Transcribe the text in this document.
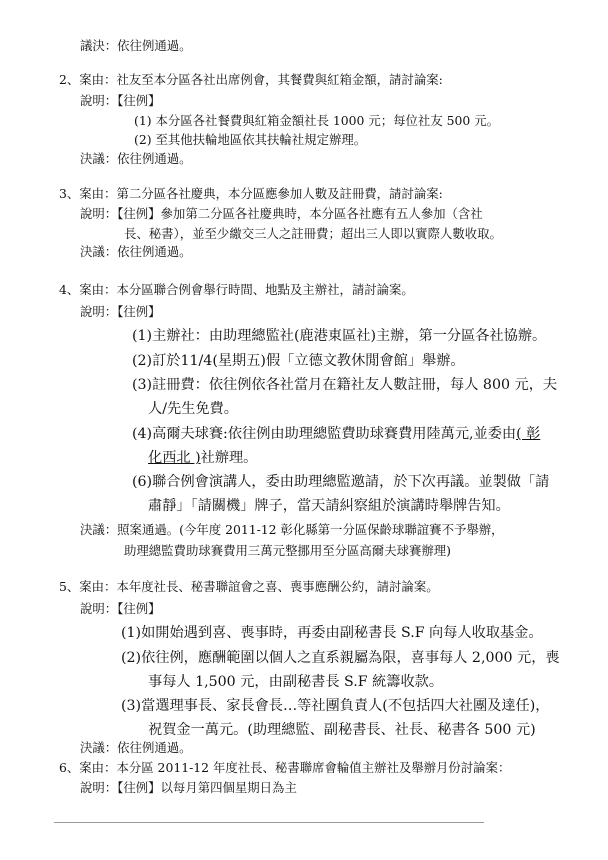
議決：依往例通過。
2、案由：社友至本分區各社出席例會，其餐費與紅箱金額，請討論案:
說明：【往例】
(1) 本分區各社餐費與紅箱金額社長 1000 元；每位社友 500 元。
(2) 至其他扶輪地區依其扶輪社規定辦理。
決議：依往例通過。
3、案由：第二分區各社慶典，本分區應參加人數及註冊費，請討論案:
說明：【往例】參加第二分區各社慶典時，本分區各社應有五人參加（含社
長、秘書），並至少繳交三人之註冊費；超出三人即以實際人數收取。
決議：依往例通過。
4、案由：本分區聯合例會舉行時間、地點及主辦社，請討論案。
說明：【往例】
(1)主辦社：由助理總監社(鹿港東區社)主辦，第一分區各社協辦。
(2)訂於11/4(星期五)假「立德文教休閒會館」舉辦。
(3)註冊費：依往例依各社當月在籍社友人數註冊，每人 800 元，夫
人/先生免費。
(4)高爾夫球賽:依往例由助理總監費助球賽費用陸萬元,並委由( 彰
化西北 )社辦理。
(6)聯合例會演講人，委由助理總監邀請，於下次再議。並製做「請
肅靜」「請關機」牌子，當天請糾察組於演講時舉牌告知。
決議：照案通過。(今年度 2011-12 彰化縣第一分區保齡球聯誼賽不予舉辦，
助理總監費助球賽費用三萬元整挪用至分區高爾夫球賽辦理)
5、案由：本年度社長、秘書聯誼會之喜、喪事應酬公約，請討論案。
說明：【往例】
(1)如開始遇到喜、喪事時，再委由副秘書長 S.F 向每人收取基金。
(2)依往例，應酬範圍以個人之直系親屬為限，喜事每人 2,000 元，喪
事每人 1,500 元，由副秘書長 S.F 統籌收款。
(3)當選理事長、家長會長…等社團負責人(不包括四大社團及達任)，
祝賀金一萬元。(助理總監、副秘書長、社長、秘書各 500 元)
決議：依往例通過。
6、案由：本分區 2011-12 年度社長、秘書聯席會輪值主辦社及舉辦月份討論案：
說明：【往例】以每月第四個星期日為主
